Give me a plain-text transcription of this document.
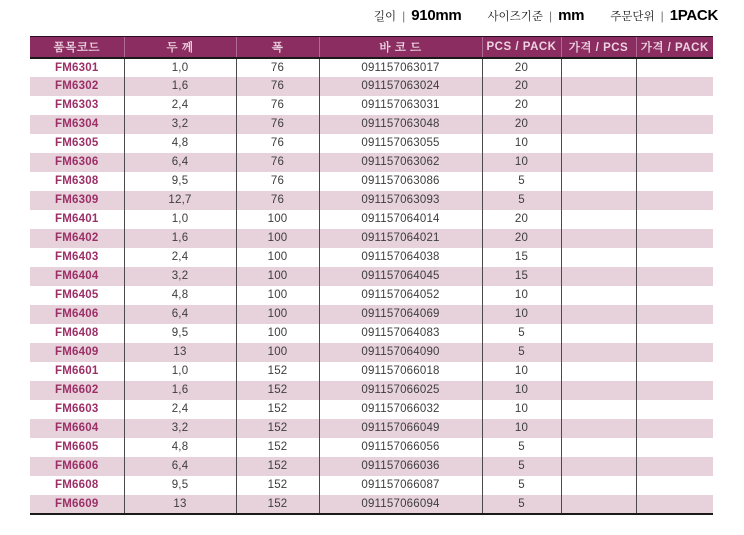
길이 | 910mm 사이즈기준 | mm 주문단위 | 1PACK
품목코드	두 께	폭	바 코 드	PCS / PACK	가격 / PCS	가격 / PACK
FM6301	1,0	76	091157063017	20		
FM6302	1,6	76	091157063024	20		
FM6303	2,4	76	091157063031	20		
FM6304	3,2	76	091157063048	20		
FM6305	4,8	76	091157063055	10		
FM6306	6,4	76	091157063062	10		
FM6308	9,5	76	091157063086	5		
FM6309	12,7	76	091157063093	5		
FM6401	1,0	100	091157064014	20		
FM6402	1,6	100	091157064021	20		
FM6403	2,4	100	091157064038	15		
FM6404	3,2	100	091157064045	15		
FM6405	4,8	100	091157064052	10		
FM6406	6,4	100	091157064069	10		
FM6408	9,5	100	091157064083	5		
FM6409	13	100	091157064090	5		
FM6601	1,0	152	091157066018	10		
FM6602	1,6	152	091157066025	10		
FM6603	2,4	152	091157066032	10		
FM6604	3,2	152	091157066049	10		
FM6605	4,8	152	091157066056	5		
FM6606	6,4	152	091157066036	5		
FM6608	9,5	152	091157066087	5		
FM6609	13	152	091157066094	5		
